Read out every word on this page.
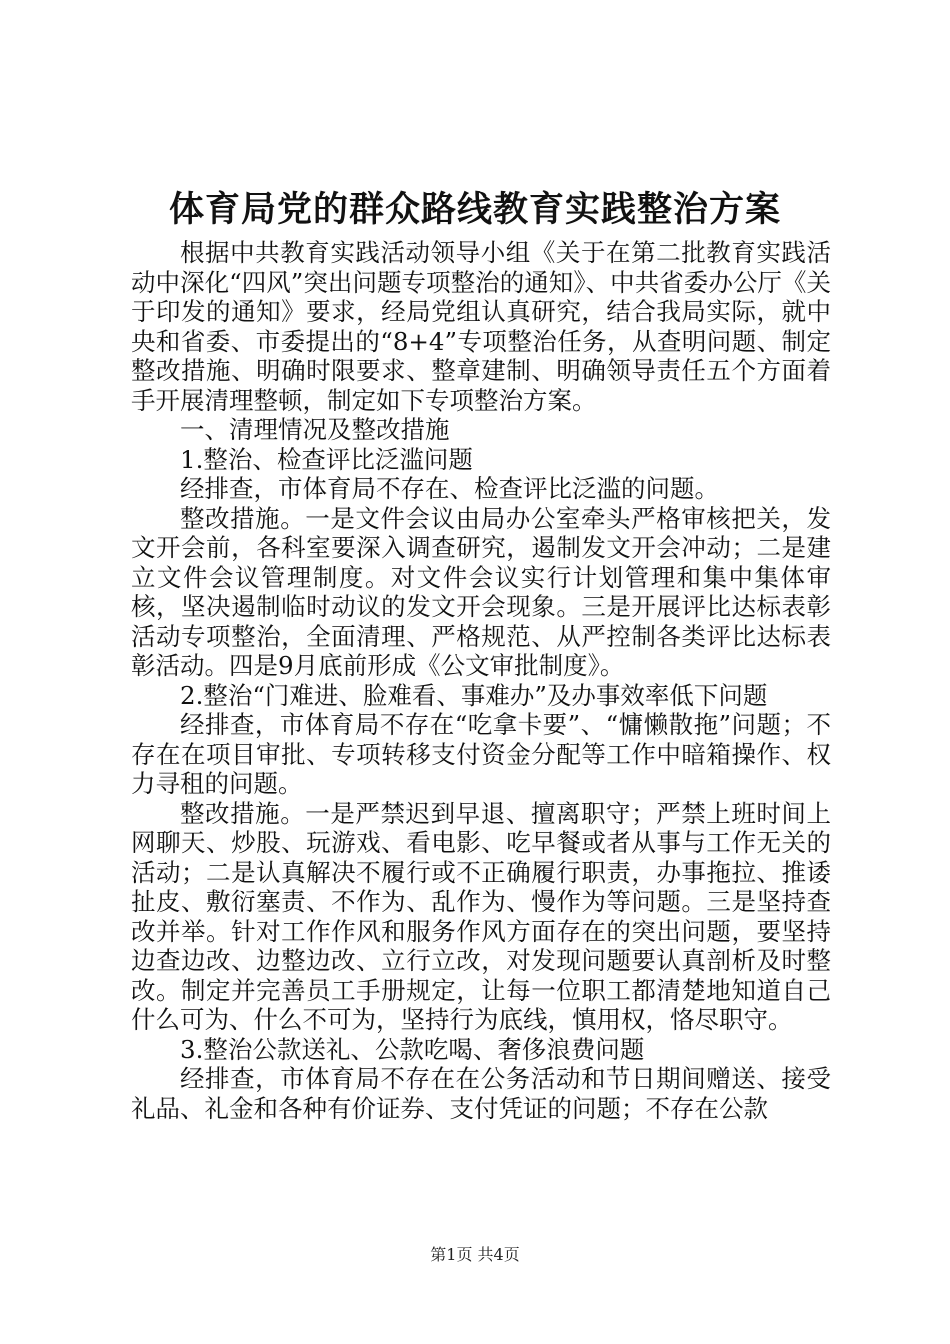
体育局党的群众路线教育实践整治方案

根据中共教育实践活动领导小组《关于在第二批教育实践活动中深化“四风”突出问题专项整治的通知》、中共省委办公厅《关于印发的通知》要求，经局党组认真研究，结合我局实际，就中央和省委、市委提出的“8+4”专项整治任务，从查明问题、制定整改措施、明确时限要求、整章建制、明确领导责任五个方面着手开展清理整顿，制定如下专项整治方案。

一、清理情况及整改措施

1.整治、检查评比泛滥问题

经排查，市体育局不存在、检查评比泛滥的问题。

整改措施。一是文件会议由局办公室牵头严格审核把关，发文开会前，各科室要深入调查研究，遏制发文开会冲动；二是建立文件会议管理制度。对文件会议实行计划管理和集中集体审核，坚决遏制临时动议的发文开会现象。三是开展评比达标表彰活动专项整治，全面清理、严格规范、从严控制各类评比达标表彰活动。四是9月底前形成《公文审批制度》。

2.整治“门难进、脸难看、事难办”及办事效率低下问题

经排查，市体育局不存在“吃拿卡要”、“慵懒散拖”问题；不存在在项目审批、专项转移支付资金分配等工作中暗箱操作、权力寻租的问题。

整改措施。一是严禁迟到早退、擅离职守；严禁上班时间上网聊天、炒股、玩游戏、看电影、吃早餐或者从事与工作无关的活动；二是认真解决不履行或不正确履行职责，办事拖拉、推诿扯皮、敷衍塞责、不作为、乱作为、慢作为等问题。三是坚持查改并举。针对工作作风和服务作风方面存在的突出问题，要坚持边查边改、边整边改、立行立改，对发现问题要认真剖析及时整改。制定并完善员工手册规定，让每一位职工都清楚地知道自己什么可为、什么不可为，坚持行为底线，慎用权，恪尽职守。

3.整治公款送礼、公款吃喝、奢侈浪费问题

经排查，市体育局不存在在公务活动和节日期间赠送、接受礼品、礼金和各种有价证券、支付凭证的问题；不存在公款

第1页 共4页
